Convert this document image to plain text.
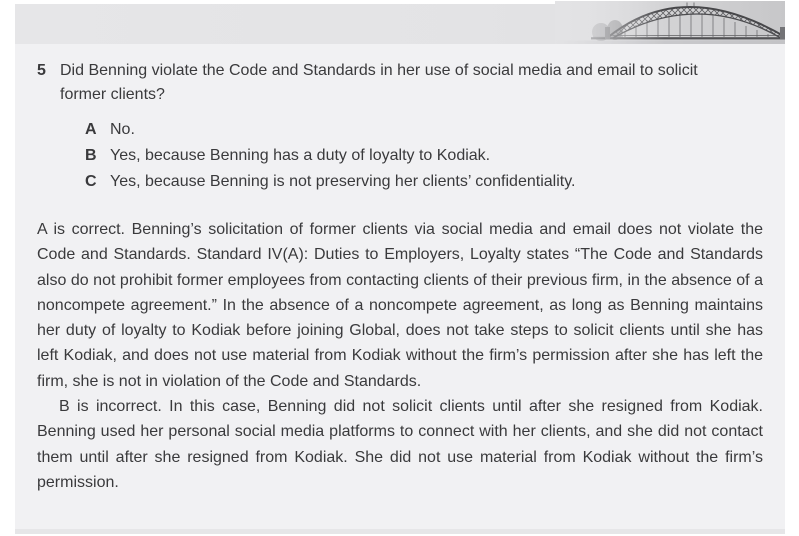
5 Did Benning violate the Code and Standards in her use of social media and email to solicit former clients?
A No.
B Yes, because Benning has a duty of loyalty to Kodiak.
C Yes, because Benning is not preserving her clients’ confidentiality.

A is correct. Benning’s solicitation of former clients via social media and email does not violate the Code and Standards. Standard IV(A): Duties to Employers, Loyalty states “The Code and Standards also do not prohibit former employees from contacting clients of their previous firm, in the absence of a noncompete agreement.” In the absence of a noncompete agreement, as long as Benning maintains her duty of loyalty to Kodiak before joining Global, does not take steps to solicit clients until she has left Kodiak, and does not use material from Kodiak without the firm’s permission after she has left the firm, she is not in violation of the Code and Standards.

B is incorrect. In this case, Benning did not solicit clients until after she resigned from Kodiak. Benning used her personal social media platforms to connect with her clients, and she did not contact them until after she resigned from Kodiak. She did not use material from Kodiak without the firm’s permission.
